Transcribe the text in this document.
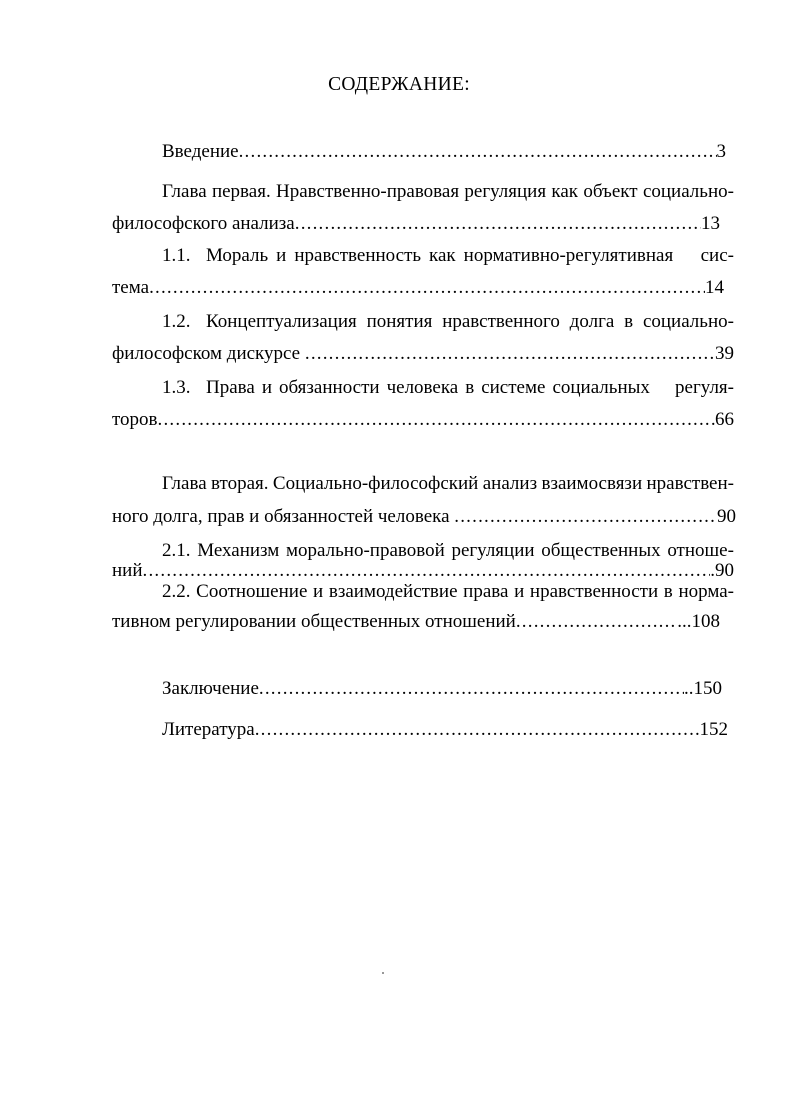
СОДЕРЖАНИЕ:
Введение .....	3
Глава первая. Нравственно-правовая регуляция как объект социально-
философского анализа .....	13
1.1. Мораль и нравственность как нормативно-регулятивная сис-
тема .....	14
1.2. Концептуализация понятия нравственного долга в социально-
философском дискурсе .....	39
1.3. Права и обязанности человека в системе социальных регуля-
торов .....	66
Глава вторая. Социально-философский анализ взаимосвязи нравствен-
ного долга, прав и обязанностей человека .....	90
2.1. Механизм морально-правовой регуляции общественных отноше-
ний .....	.90
2.2. Соотношение и взаимодействие права и нравственности в норма-
тивном регулировании общественных отношений .....	...108
Заключение .....	..150
Литература .....	152
